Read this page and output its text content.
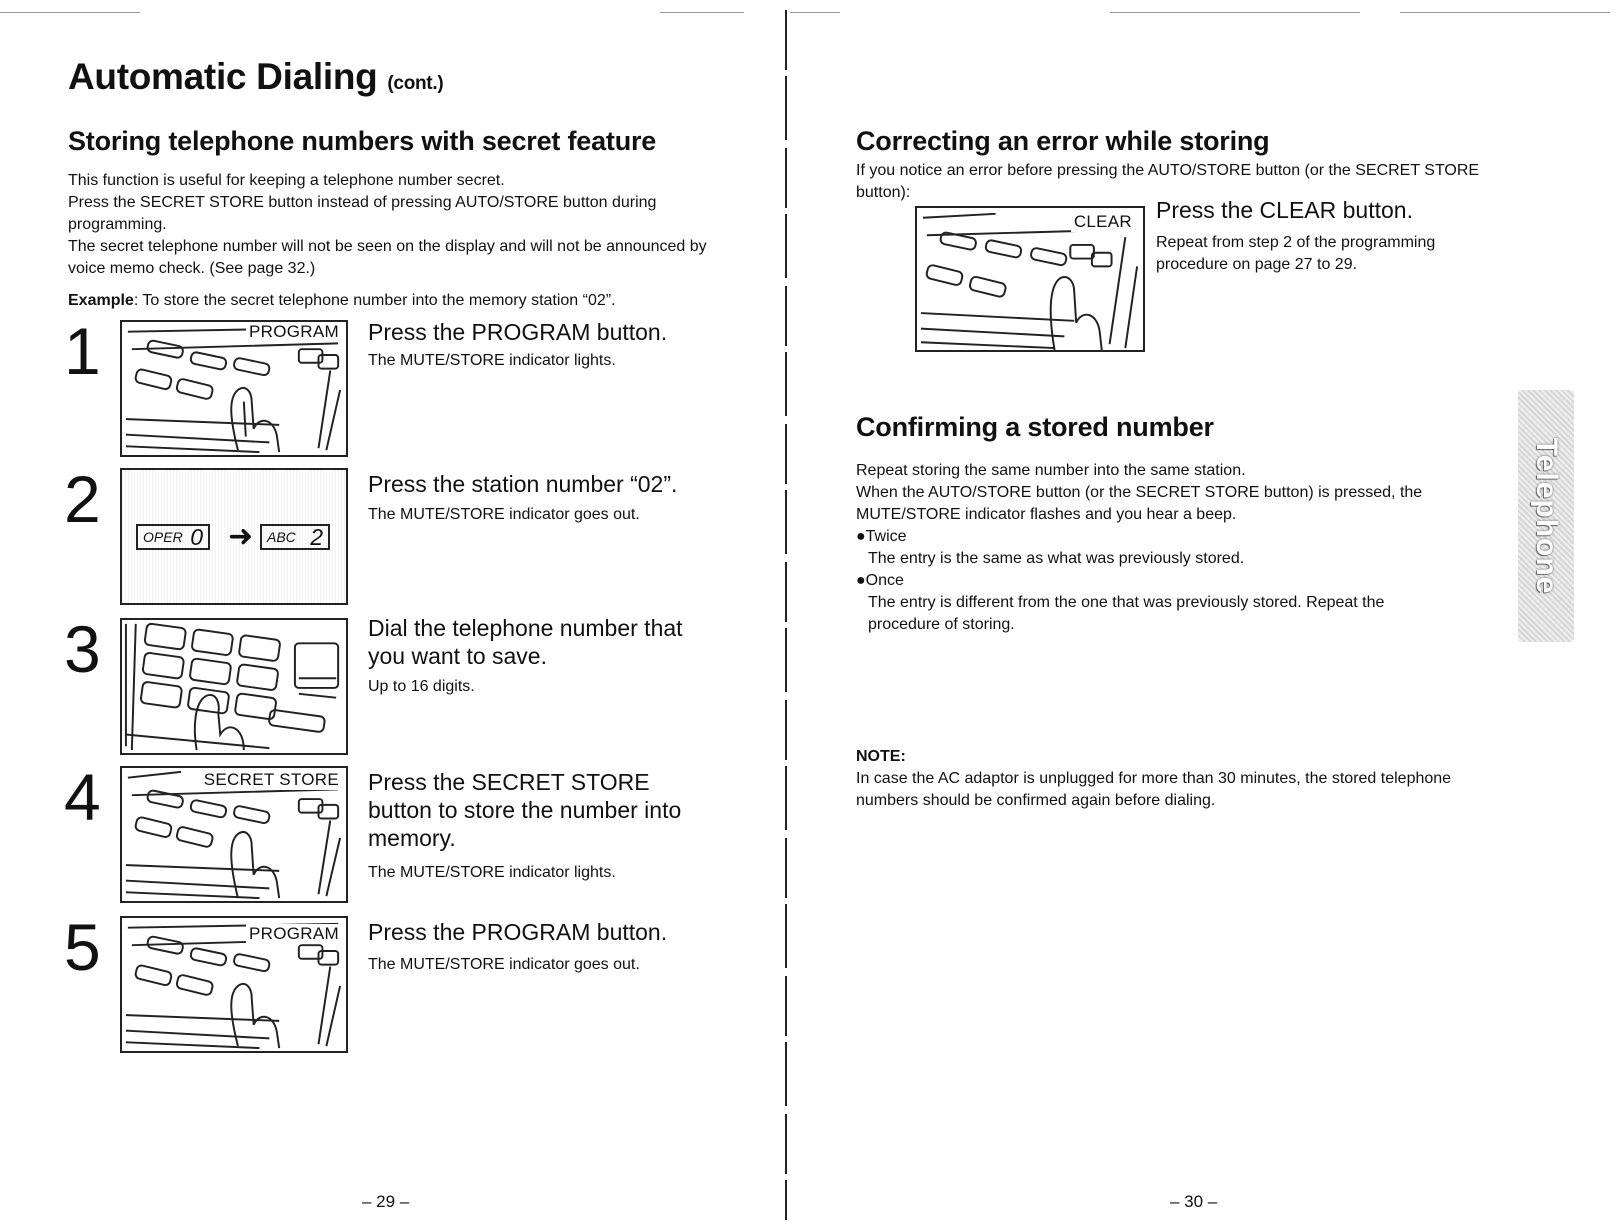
Automatic Dialing (cont.)
Storing telephone numbers with secret feature

This function is useful for keeping a telephone number secret.

Press the SECRET STORE button instead of pressing AUTO/STORE button during programming.

The secret telephone number will not be seen on the display and will not be announced by voice memo check. (See page 32.)

Example: To store the secret telephone number into the memory station “02”.
1	PROGRAM Press the PROGRAM button.

The MUTE/STORE indicator lights.

2
OPER 0 ➜ ABC 2

Press the station number “02”.

The MUTE/STORE indicator goes out.

3	Dial the telephone number that you want to save.

Up to 16 digits.

4	SECRET STORE Press the SECRET STORE button to store the number into memory.

The MUTE/STORE indicator lights.

5	PROGRAM Press the PROGRAM button.

The MUTE/STORE indicator goes out.

– 29 –
Correcting an error while storing
If you notice an error before pressing the AUTO/STORE button (or the SECRET STORE button):
CLEAR Press the CLEAR button.

Repeat from step 2 of the programming procedure on page 27 to 29.

Confirming a stored number

Repeat storing the same number into the same station.

When the AUTO/STORE button (or the SECRET STORE button) is pressed, the MUTE/STORE indicator flashes and you hear a beep.

●Twice
The entry is the same as what was previously stored.
●Once
The entry is different from the one that was previously stored. Repeat the procedure of storing.
NOTE:
In case the AC adaptor is unplugged for more than 30 minutes, the stored telephone numbers should be confirmed again before dialing.
– 30 –
Telephone
